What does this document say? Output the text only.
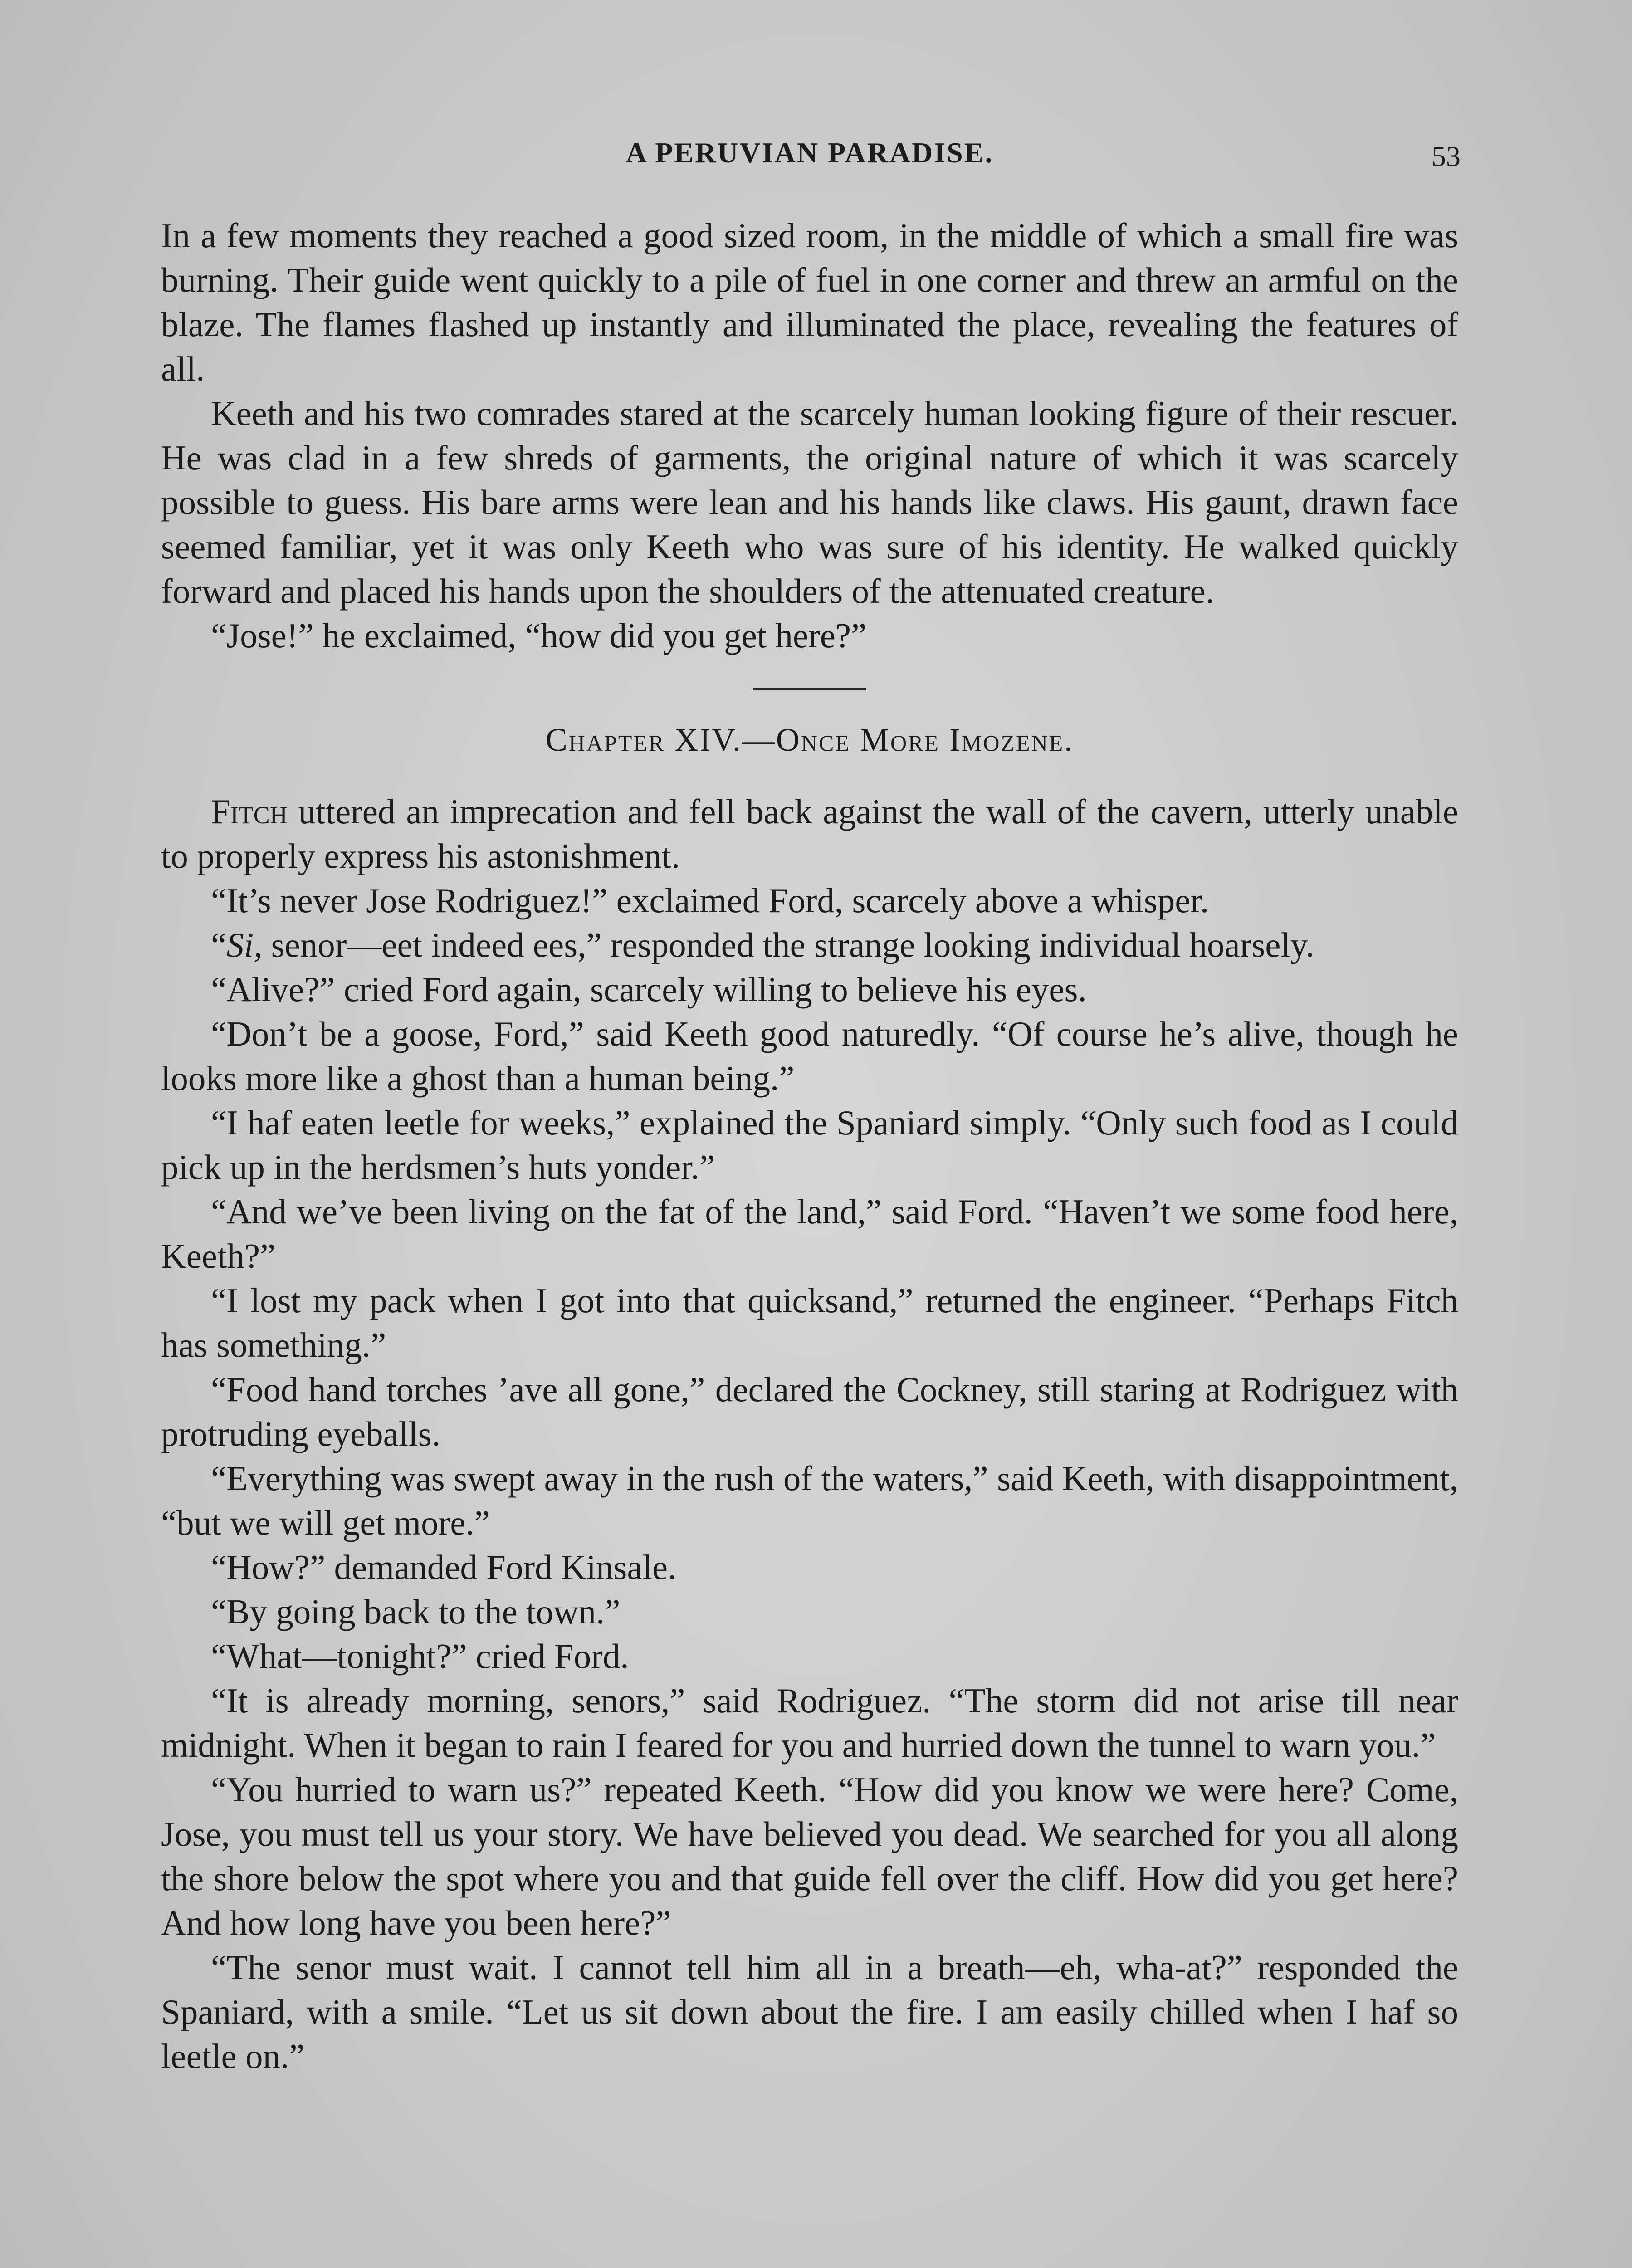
A PERUVIAN PARADISE.	53

In a few moments they reached a good sized room, in the middle of which a small fire was burning. Their guide went quickly to a pile of fuel in one corner and threw an armful on the blaze. The flames flashed up instantly and illuminated the place, revealing the features of all.

Keeth and his two comrades stared at the scarcely human looking figure of their rescuer. He was clad in a few shreds of garments, the original nature of which it was scarcely possible to guess. His bare arms were lean and his hands like claws. His gaunt, drawn face seemed familiar, yet it was only Keeth who was sure of his identity. He walked quickly forward and placed his hands upon the shoulders of the attenuated creature.

“Jose!” he exclaimed, “how did you get here?”

Chapter XIV.—Once More Imozene.

Fitch uttered an imprecation and fell back against the wall of the cavern, utterly unable to properly express his astonishment.

“It’s never Jose Rodriguez!” exclaimed Ford, scarcely above a whisper.

“Si, senor—eet indeed ees,” responded the strange looking individual hoarsely.

“Alive?” cried Ford again, scarcely willing to believe his eyes.

“Don’t be a goose, Ford,” said Keeth good naturedly. “Of course he’s alive, though he looks more like a ghost than a human being.”

“I haf eaten leetle for weeks,” explained the Spaniard simply. “Only such food as I could pick up in the herdsmen’s huts yonder.”

“And we’ve been living on the fat of the land,” said Ford. “Haven’t we some food here, Keeth?”

“I lost my pack when I got into that quicksand,” returned the engineer. “Perhaps Fitch has something.”

“Food hand torches ’ave all gone,” declared the Cockney, still staring at Rodriguez with protruding eyeballs.

“Everything was swept away in the rush of the waters,” said Keeth, with disappointment, “but we will get more.”

“How?” demanded Ford Kinsale.

“By going back to the town.”

“What—tonight?” cried Ford.

“It is already morning, senors,” said Rodriguez. “The storm did not arise till near midnight. When it began to rain I feared for you and hurried down the tunnel to warn you.”

“You hurried to warn us?” repeated Keeth. “How did you know we were here? Come, Jose, you must tell us your story. We have believed you dead. We searched for you all along the shore below the spot where you and that guide fell over the cliff. How did you get here? And how long have you been here?”

“The senor must wait. I cannot tell him all in a breath—eh, wha-at?” responded the Spaniard, with a smile. “Let us sit down about the fire. I am easily chilled when I haf so leetle on.”
